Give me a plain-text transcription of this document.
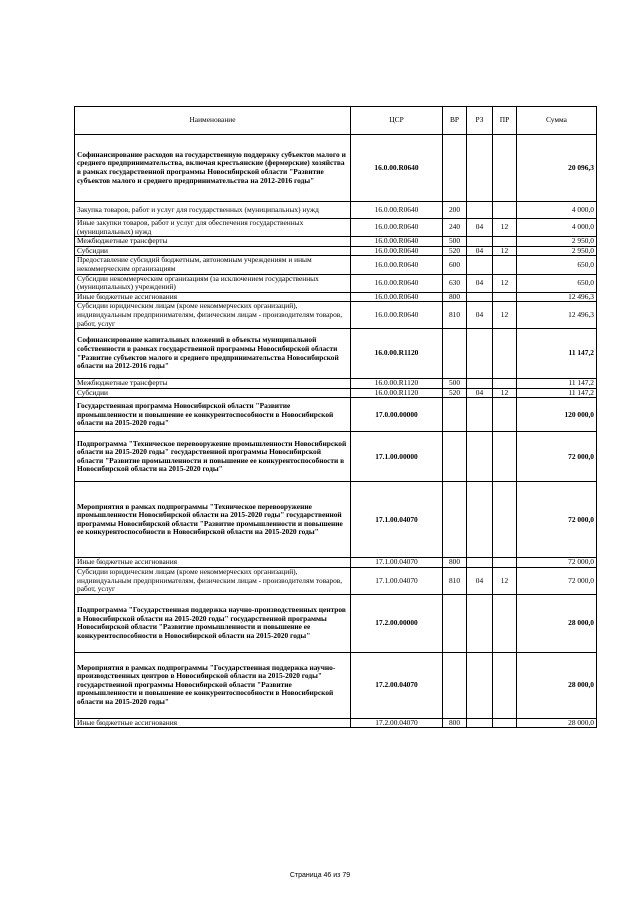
Наименование	ЦСР	ВР	РЗ	ПР	Сумма
Софинансирование расходов на государственную поддержку субъектов малого и среднего предпринимательства, включая крестьянские (фермерские) хозяйства в рамках государственной программы Новосибирской области "Развитие субъектов малого и среднего предпринимательства на 2012-2016 годы"	16.0.00.R0640				20 096,3
Закупка товаров, работ и услуг для государственных (муниципальных) нужд	16.0.00.R0640	200			4 000,0
Иные закупки товаров, работ и услуг для обеспечения государственных (муниципальных) нужд	16.0.00.R0640	240	04	12	4 000,0
Межбюджетные трансферты	16.0.00.R0640	500			2 950,0
Субсидии	16.0.00.R0640	520	04	12	2 950,0
Предоставление субсидий бюджетным, автономным учреждениям и иным некоммерческим организациям	16.0.00.R0640	600			650,0
Субсидии некоммерческим организациям (за исключением государственных (муниципальных) учреждений)	16.0.00.R0640	630	04	12	650,0
Иные бюджетные ассигнования	16.0.00.R0640	800			12 496,3
Субсидии юридическим лицам (кроме некоммерческих организаций), индивидуальным предпринимателям, физическим лицам - производителям товаров, работ, услуг	16.0.00.R0640	810	04	12	12 496,3
Софинансирование капитальных вложений в объекты муниципальной собственности в рамках государственной программы Новосибирской области "Развитие субъектов малого и среднего предпринимательства Новосибирской области на 2012-2016 годы"	16.0.00.R1120				11 147,2
Межбюджетные трансферты	16.0.00.R1120	500			11 147,2
Субсидии	16.0.00.R1120	520	04	12	11 147,2
Государственная программа Новосибирской области "Развитие промышленности и повышение ее конкурентоспособности в Новосибирской области на 2015-2020 годы"	17.0.00.00000				120 000,0
Подпрограмма "Техническое перевооружение промышленности Новосибирской области на 2015-2020 годы" государственной программы Новосибирской области "Развитие промышленности и повышение ее конкурентоспособности в Новосибирской области на 2015-2020 годы"	17.1.00.00000				72 000,0
Мероприятия в рамках подпрограммы "Техническое перевооружение промышленности Новосибирской области на 2015-2020 годы" государственной программы Новосибирской области "Развитие промышленности и повышение ее конкурентоспособности в Новосибирской области на 2015-2020 годы"	17.1.00.04070				72 000,0
Иные бюджетные ассигнования	17.1.00.04070	800			72 000,0
Субсидии юридическим лицам (кроме некоммерческих организаций), индивидуальным предпринимателям, физическим лицам - производителям товаров, работ, услуг	17.1.00.04070	810	04	12	72 000,0
Подпрограмма "Государственная поддержка научно-производственных центров в Новосибирской области на 2015-2020 годы" государственной программы Новосибирской области "Развитие промышленности и повышение ее конкурентоспособности в Новосибирской области на 2015-2020 годы"	17.2.00.00000				28 000,0
Мероприятия в рамках подпрограммы "Государственная поддержка научно-производственных центров в Новосибирской области на 2015-2020 годы" государственной программы Новосибирской области "Развитие промышленности и повышение ее конкурентоспособности в Новосибирской области на 2015-2020 годы"	17.2.00.04070				28 000,0
Иные бюджетные ассигнования	17.2.00.04070	800			28 000,0
Страница 46 из 79
